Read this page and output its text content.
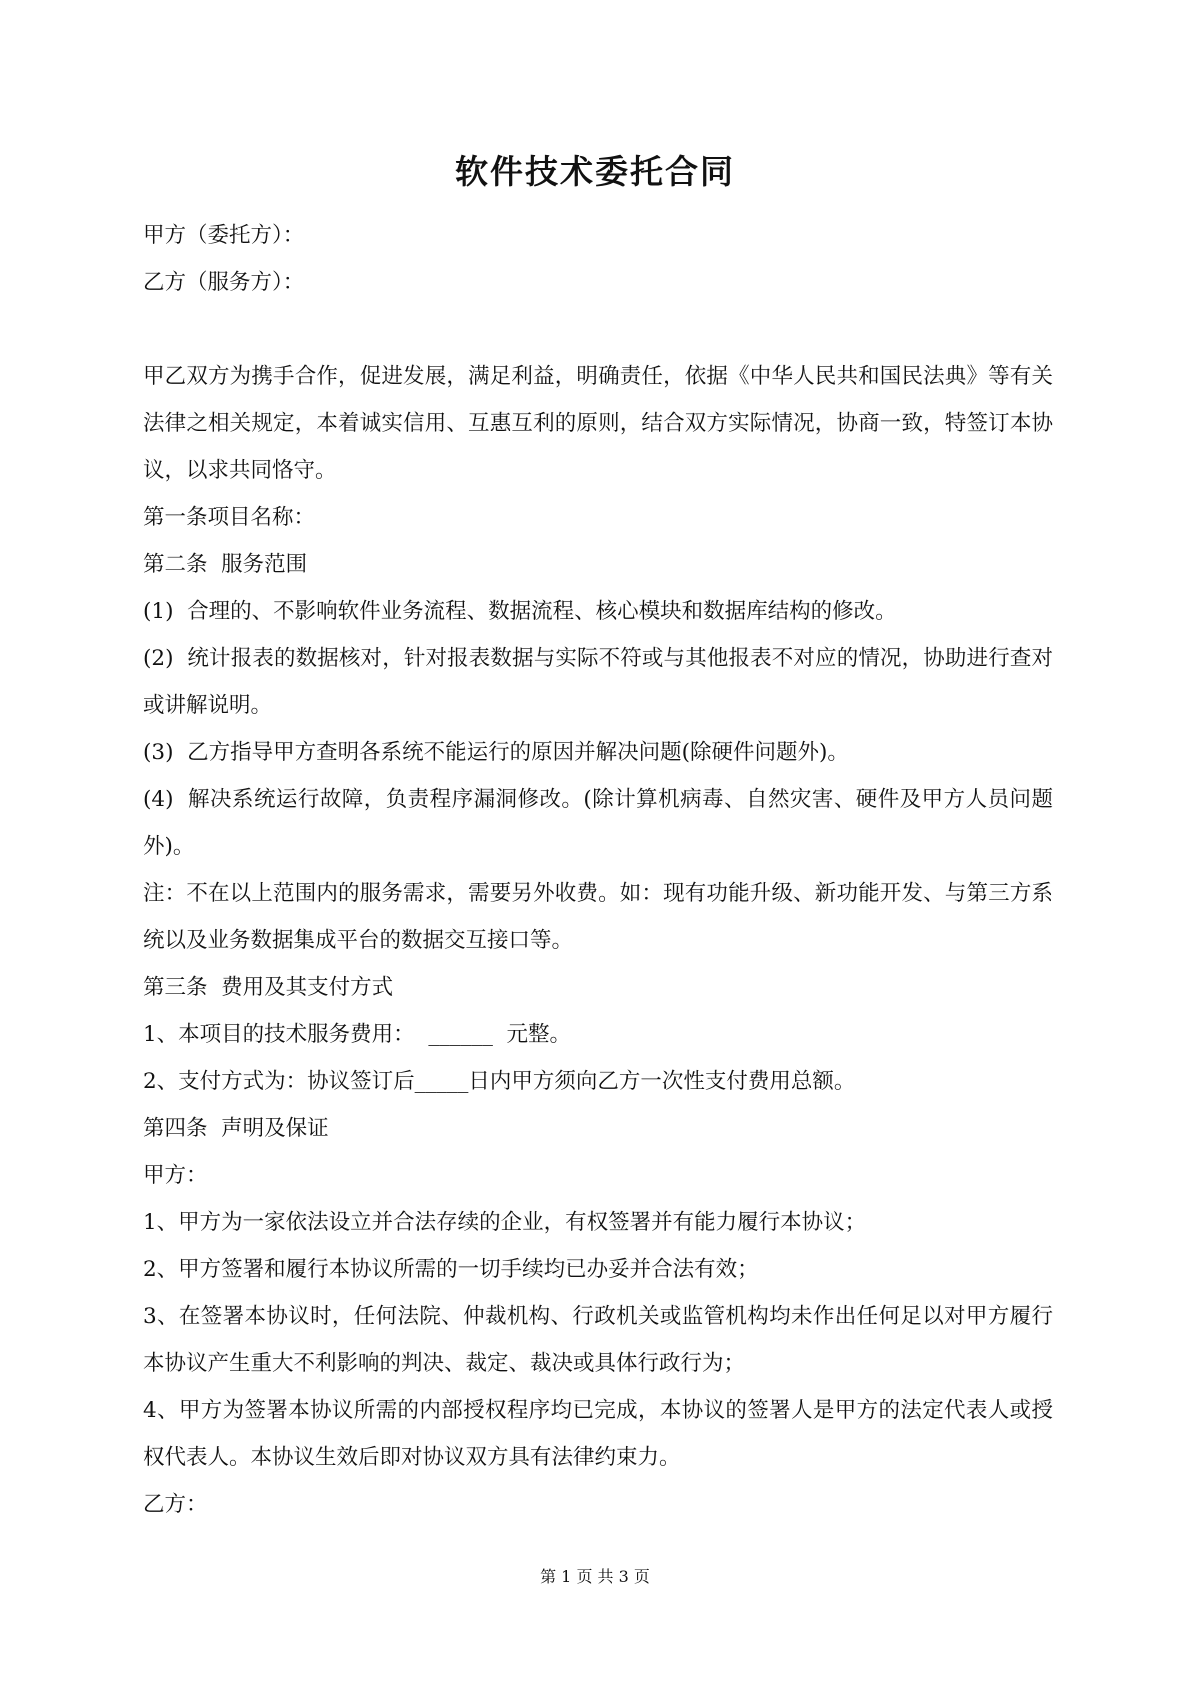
软件技术委托合同

甲方（委托方）：

乙方（服务方）：

甲乙双方为携手合作，促进发展，满足利益，明确责任，依据《中华人民共和国民法典》等有关法律之相关规定，本着诚实信用、互惠互利的原则，结合双方实际情况，协商一致，特签订本协议，以求共同恪守。

第一条项目名称：

第二条  服务范围

(1)  合理的、不影响软件业务流程、数据流程、核心模块和数据库结构的修改。

(2)  统计报表的数据核对，针对报表数据与实际不符或与其他报表不对应的情况，协助进行查对或讲解说明。

(3)  乙方指导甲方查明各系统不能运行的原因并解决问题(除硬件问题外)。

(4)  解决系统运行故障，负责程序漏洞修改。(除计算机病毒、自然灾害、硬件及甲方人员问题外)。

注：不在以上范围内的服务需求，需要另外收费。如：现有功能升级、新功能开发、与第三方系统以及业务数据集成平台的数据交互接口等。

第三条  费用及其支付方式

1、本项目的技术服务费用：  ______  元整。

2、支付方式为：协议签订后_____日内甲方须向乙方一次性支付费用总额。

第四条  声明及保证

甲方：

1、甲方为一家依法设立并合法存续的企业，有权签署并有能力履行本协议；

2、甲方签署和履行本协议所需的一切手续均已办妥并合法有效；

3、在签署本协议时，任何法院、仲裁机构、行政机关或监管机构均未作出任何足以对甲方履行本协议产生重大不利影响的判决、裁定、裁决或具体行政行为；

4、甲方为签署本协议所需的内部授权程序均已完成，本协议的签署人是甲方的法定代表人或授权代表人。本协议生效后即对协议双方具有法律约束力。

乙方：

第 1 页 共 3 页
